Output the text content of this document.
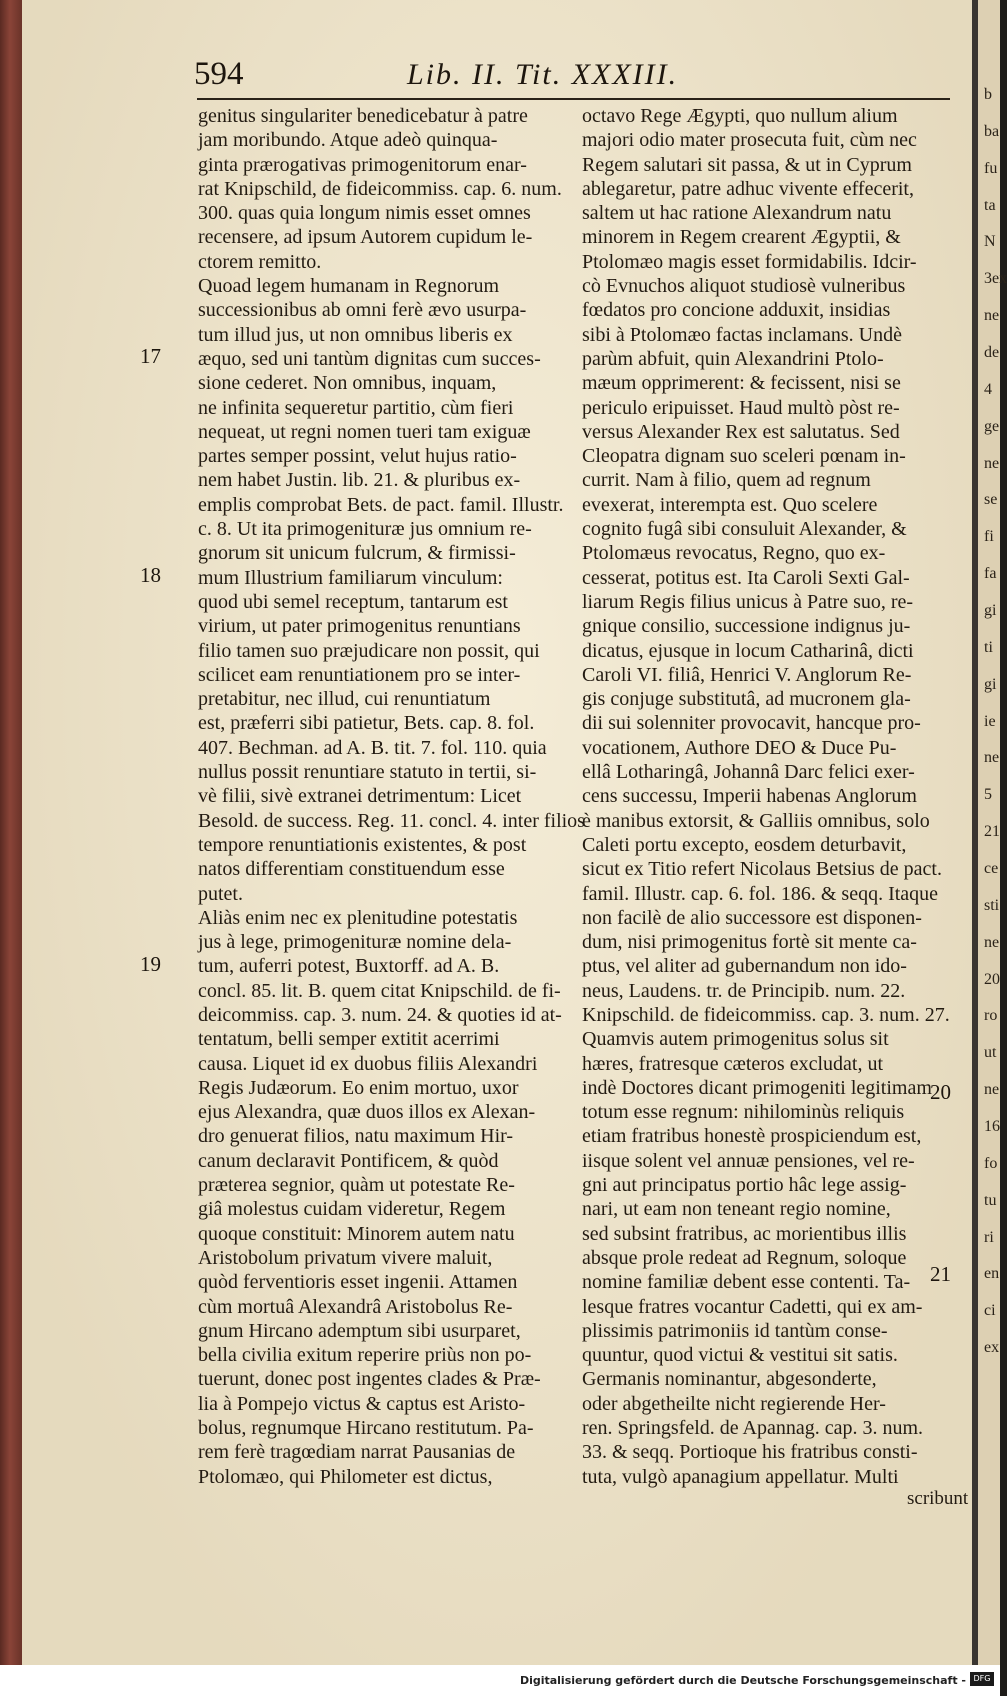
594	Lib. II. Tit. XXXIII.
genitus singulariter benedicebatur à patre
jam moribundo. Atque adeò quinqua-
ginta prærogativas primogenitorum enar-
rat Knipschild, de fideicommiss. cap. 6. num.
300. quas quia longum nimis esset omnes
recensere, ad ipsum Autorem cupidum le-
ctorem remitto.
Quoad legem humanam in Regnorum
successionibus ab omni ferè ævo usurpa-
tum illud jus, ut non omnibus liberis ex
æquo, sed uni tantùm dignitas cum succes-
sione cederet. Non omnibus, inquam,
ne infinita sequeretur partitio, cùm fieri
nequeat, ut regni nomen tueri tam exiguæ
partes semper possint, velut hujus ratio-
nem habet Justin. lib. 21. & pluribus ex-
emplis comprobat Bets. de pact. famil. Illustr.
c. 8. Ut ita primogenituræ jus omnium re-
gnorum sit unicum fulcrum, & firmissi-
mum Illustrium familiarum vinculum:
quod ubi semel receptum, tantarum est
virium, ut pater primogenitus renuntians
filio tamen suo præjudicare non possit, qui
scilicet eam renuntiationem pro se inter-
pretabitur, nec illud, cui renuntiatum
est, præferri sibi patietur, Bets. cap. 8. fol.
407. Bechman. ad A. B. tit. 7. fol. 110. quia
nullus possit renuntiare statuto in tertii, si-
vè filii, sivè extranei detrimentum: Licet
Besold. de success. Reg. 11. concl. 4. inter filios
tempore renuntiationis existentes, & post
natos differentiam constituendum esse
putet.
Aliàs enim nec ex plenitudine potestatis
jus à lege, primogenituræ nomine dela-
tum, auferri potest, Buxtorff. ad A. B.
concl. 85. lit. B. quem citat Knipschild. de fi-
deicommiss. cap. 3. num. 24. & quoties id at-
tentatum, belli semper extitit acerrimi
causa. Liquet id ex duobus filiis Alexandri
Regis Judæorum. Eo enim mortuo, uxor
ejus Alexandra, quæ duos illos ex Alexan-
dro genuerat filios, natu maximum Hir-
canum declaravit Pontificem, & quòd
præterea segnior, quàm ut potestate Re-
giâ molestus cuidam videretur, Regem
quoque constituit: Minorem autem natu
Aristobolum privatum vivere maluit,
quòd ferventioris esset ingenii. Attamen
cùm mortuâ Alexandrâ Aristobolus Re-
gnum Hircano ademptum sibi usurparet,
bella civilia exitum reperire priùs non po-
tuerunt, donec post ingentes clades & Præ-
lia à Pompejo victus & captus est Aristo-
bolus, regnumque Hircano restitutum. Pa-
rem ferè tragœdiam narrat Pausanias de
Ptolomæo, qui Philometer est dictus,
octavo Rege Ægypti, quo nullum alium
majori odio mater prosecuta fuit, cùm nec
Regem salutari sit passa, & ut in Cyprum
ablegaretur, patre adhuc vivente effecerit,
saltem ut hac ratione Alexandrum natu
minorem in Regem crearent Ægyptii, &
Ptolomæo magis esset formidabilis. Idcir-
cò Evnuchos aliquot studiosè vulneribus
fœdatos pro concione adduxit, insidias
sibi à Ptolomæo factas inclamans. Undè
parùm abfuit, quin Alexandrini Ptolo-
mæum opprimerent: & fecissent, nisi se
periculo eripuisset. Haud multò pòst re-
versus Alexander Rex est salutatus. Sed
Cleopatra dignam suo sceleri pœnam in-
currit. Nam à filio, quem ad regnum
evexerat, interempta est. Quo scelere
cognito fugâ sibi consuluit Alexander, &
Ptolomæus revocatus, Regno, quo ex-
cesserat, potitus est. Ita Caroli Sexti Gal-
liarum Regis filius unicus à Patre suo, re-
gnique consilio, successione indignus ju-
dicatus, ejusque in locum Catharinâ, dicti
Caroli VI. filiâ, Henrici V. Anglorum Re-
gis conjuge substitutâ, ad mucronem gla-
dii sui solenniter provocavit, hancque pro-
vocationem, Authore DEO & Duce Pu-
ellâ Lotharingâ, Johannâ Darc felici exer-
cens successu, Imperii habenas Anglorum
è manibus extorsit, & Galliis omnibus, solo
Caleti portu excepto, eosdem deturbavit,
sicut ex Titio refert Nicolaus Betsius de pact.
famil. Illustr. cap. 6. fol. 186. & seqq. Itaque
non facilè de alio successore est disponen-
dum, nisi primogenitus fortè sit mente ca-
ptus, vel aliter ad gubernandum non ido-
neus, Laudens. tr. de Principib. num. 22.
Knipschild. de fideicommiss. cap. 3. num. 27.
Quamvis autem primogenitus solus sit
hæres, fratresque cæteros excludat, ut
indè Doctores dicant primogeniti legitimam
totum esse regnum: nihilominùs reliquis
etiam fratribus honestè prospiciendum est,
iisque solent vel annuæ pensiones, vel re-
gni aut principatus portio hâc lege assig-
nari, ut eam non teneant regio nomine,
sed subsint fratribus, ac morientibus illis
absque prole redeat ad Regnum, soloque
nomine familiæ debent esse contenti. Ta-
lesque fratres vocantur Cadetti, qui ex am-
plissimis patrimoniis id tantùm conse-
quuntur, quod victui & vestitui sit satis.
Germanis nominantur, abgesonderte,
oder abgetheilte nicht regierende Her-
ren. Springsfeld. de Apannag. cap. 3. num.
33. & seqq. Portioque his fratribus consti-
tuta, vulgò apanagium appellatur. Multi
17
18
19
20
21
scribunt
b
ba
fu
ta
N
3ex
ne
de
4
ge
ne
se
fi
fa
gi
ti
gi
ie
ne
5
21
ce
sti
ne
20
ro
ut
ne
16
fo
tu
ri
en
ci
ex
Digitalisierung gefördert durch die Deutsche Forschungsgemeinschaft - DFG
